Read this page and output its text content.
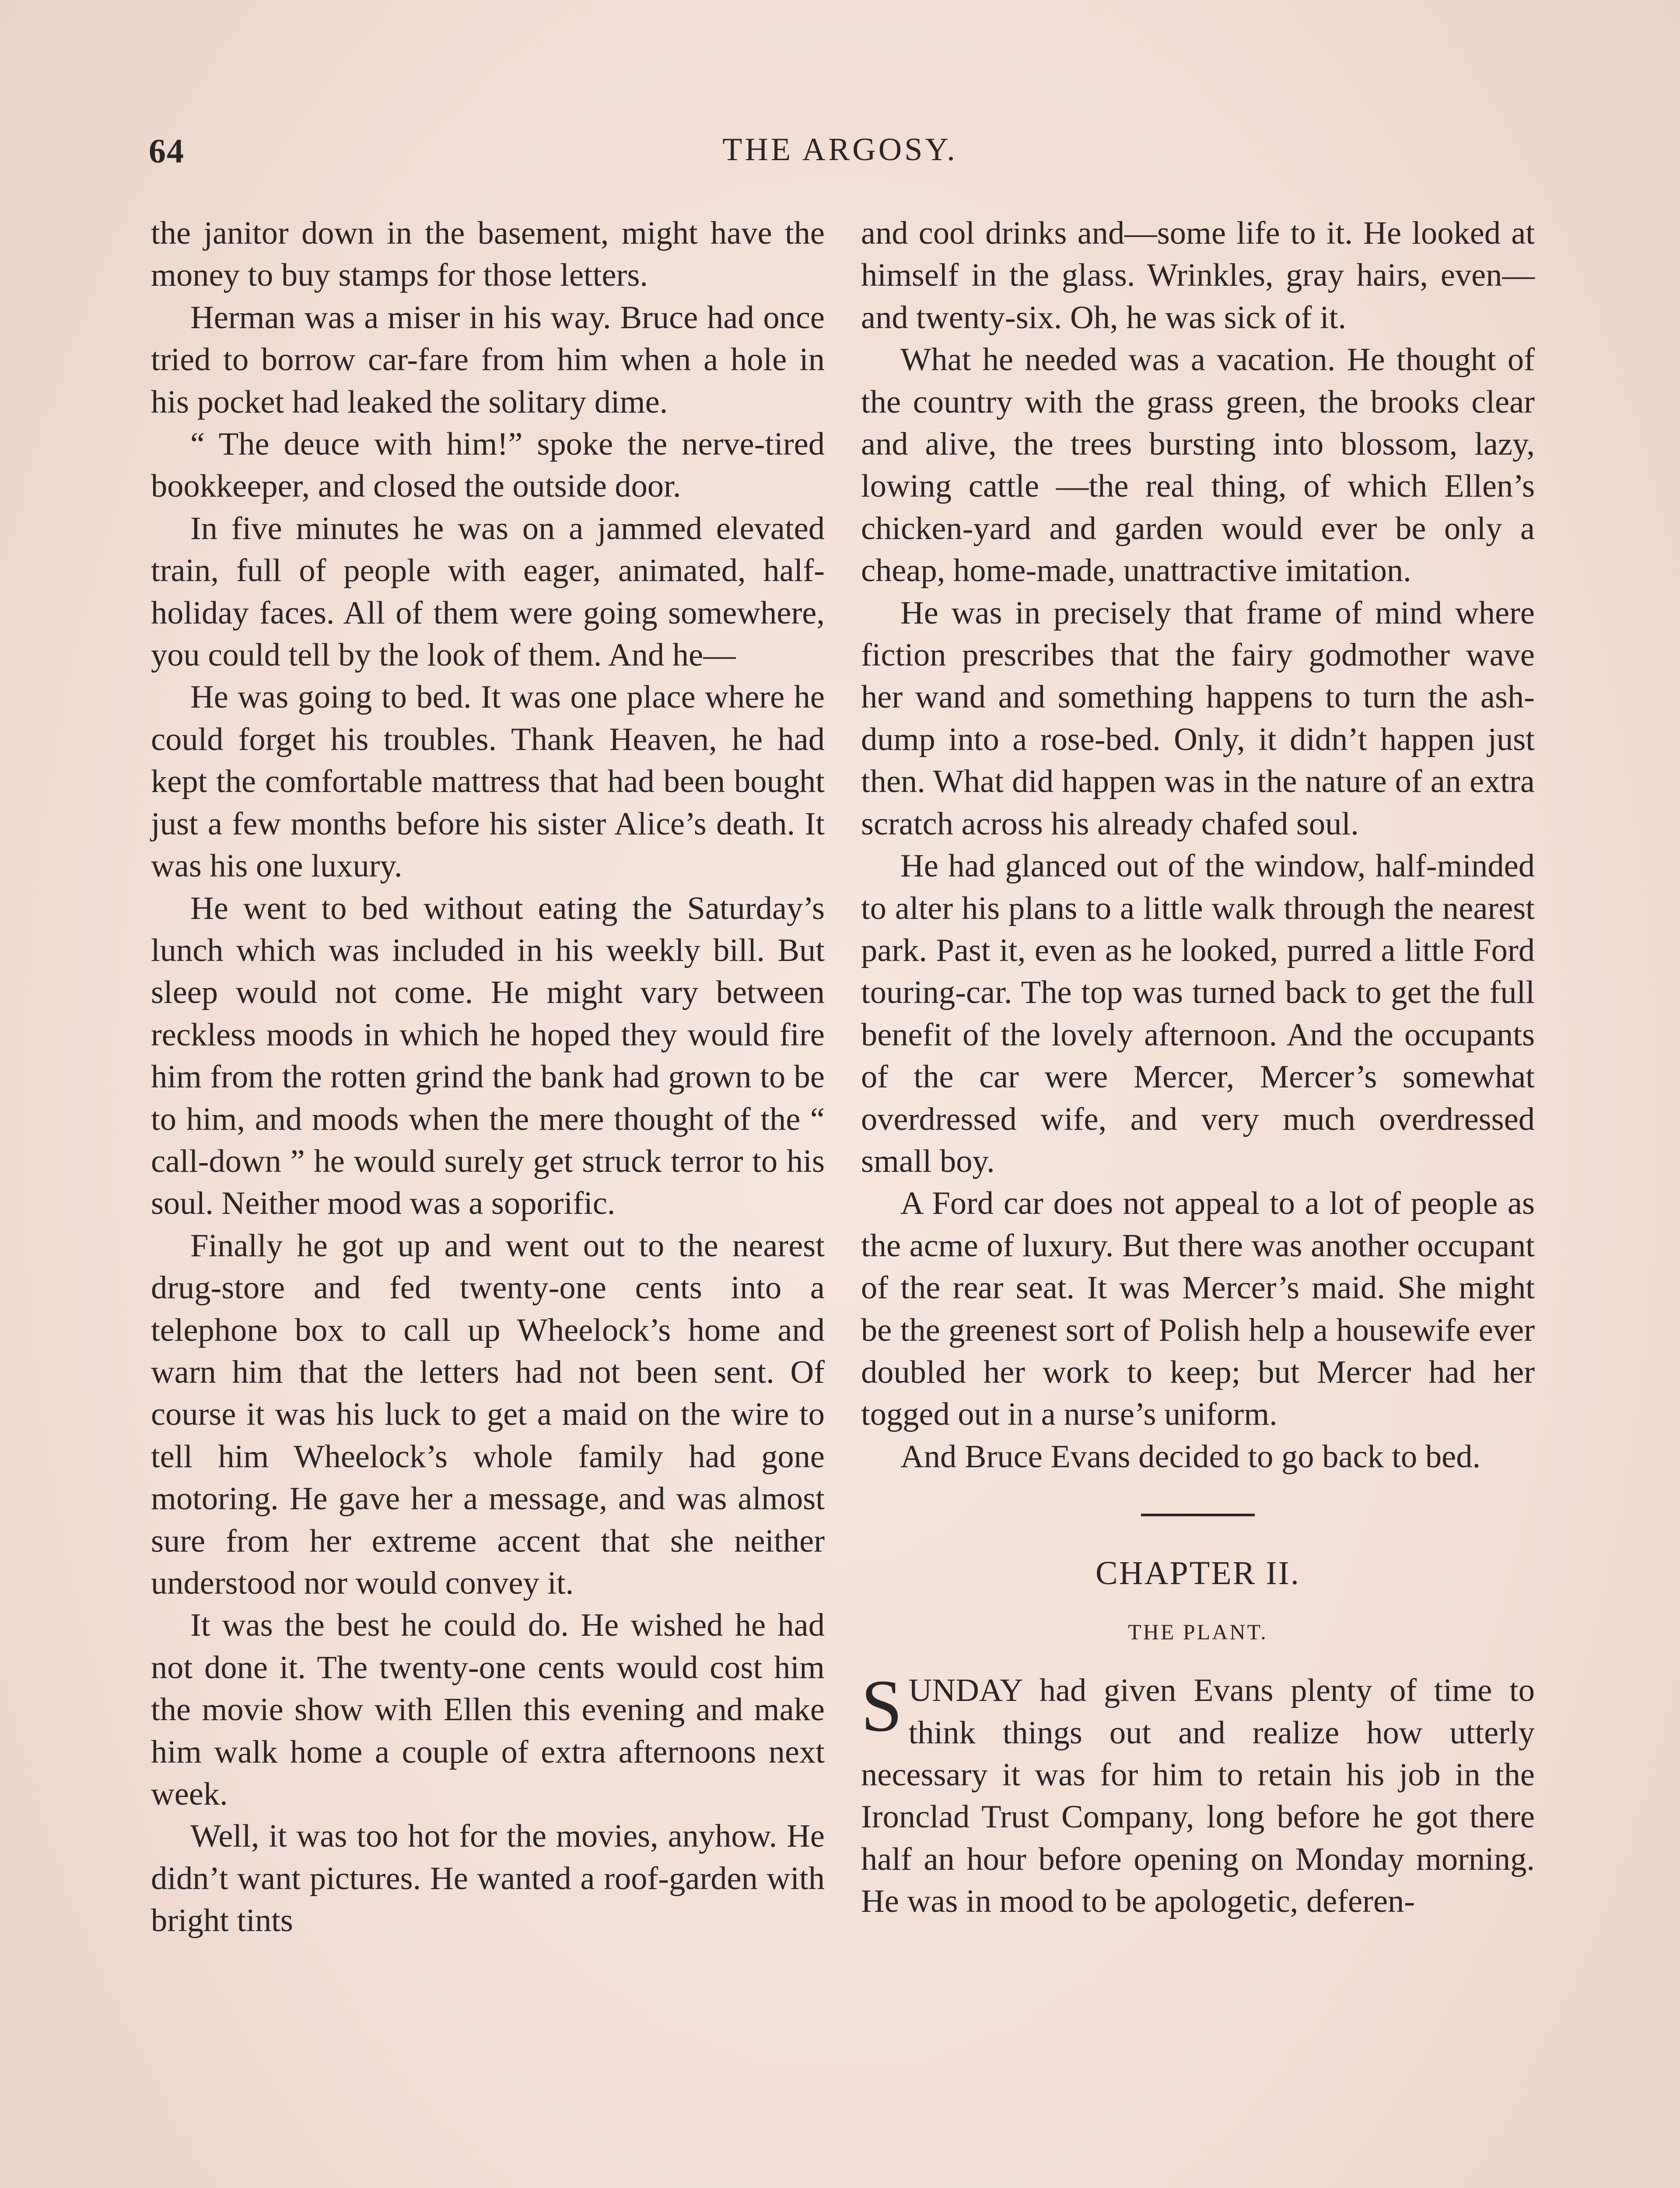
64	THE ARGOSY.

the janitor down in the basement, might have the money to buy stamps for those letters.

Herman was a miser in his way. Bruce had once tried to borrow car-fare from him when a hole in his pocket had leaked the solitary dime.

“ The deuce with him!” spoke the nerve-tired bookkeeper, and closed the outside door.

In five minutes he was on a jammed elevated train, full of people with eager, animated, half-holiday faces. All of them were going somewhere, you could tell by the look of them. And he—

He was going to bed. It was one place where he could forget his troubles. Thank Heaven, he had kept the comfortable mattress that had been bought just a few months before his sister Alice’s death. It was his one luxury.

He went to bed without eating the Saturday’s lunch which was included in his weekly bill. But sleep would not come. He might vary between reckless moods in which he hoped they would fire him from the rotten grind the bank had grown to be to him, and moods when the mere thought of the “ call-down ” he would surely get struck terror to his soul. Neither mood was a soporific.

Finally he got up and went out to the nearest drug-store and fed twenty-one cents into a telephone box to call up Wheelock’s home and warn him that the letters had not been sent. Of course it was his luck to get a maid on the wire to tell him Wheelock’s whole family had gone motoring. He gave her a message, and was almost sure from her extreme accent that she neither understood nor would convey it.

It was the best he could do. He wished he had not done it. The twenty-one cents would cost him the movie show with Ellen this evening and make him walk home a couple of extra afternoons next week.

Well, it was too hot for the movies, anyhow. He didn’t want pictures. He wanted a roof-garden with bright tints

and cool drinks and—some life to it. He looked at himself in the glass. Wrinkles, gray hairs, even—and twenty-six. Oh, he was sick of it.

What he needed was a vacation. He thought of the country with the grass green, the brooks clear and alive, the trees bursting into blossom, lazy, lowing cattle —the real thing, of which Ellen’s chicken-yard and garden would ever be only a cheap, home-made, unattractive imitation.

He was in precisely that frame of mind where fiction prescribes that the fairy godmother wave her wand and something happens to turn the ash-dump into a rose-bed. Only, it didn’t happen just then. What did happen was in the nature of an extra scratch across his already chafed soul.

He had glanced out of the window, half-minded to alter his plans to a little walk through the nearest park. Past it, even as he looked, purred a little Ford touring-car. The top was turned back to get the full benefit of the lovely afternoon. And the occupants of the car were Mercer, Mercer’s somewhat overdressed wife, and very much overdressed small boy.

A Ford car does not appeal to a lot of people as the acme of luxury. But there was another occupant of the rear seat. It was Mercer’s maid. She might be the greenest sort of Polish help a housewife ever doubled her work to keep; but Mercer had her togged out in a nurse’s uniform.

And Bruce Evans decided to go back to bed.

CHAPTER II.
THE PLANT.

SUNDAY had given Evans plenty of time to think things out and realize how utterly necessary it was for him to retain his job in the Ironclad Trust Company, long before he got there half an hour before opening on Monday morning. He was in mood to be apologetic, deferen-
